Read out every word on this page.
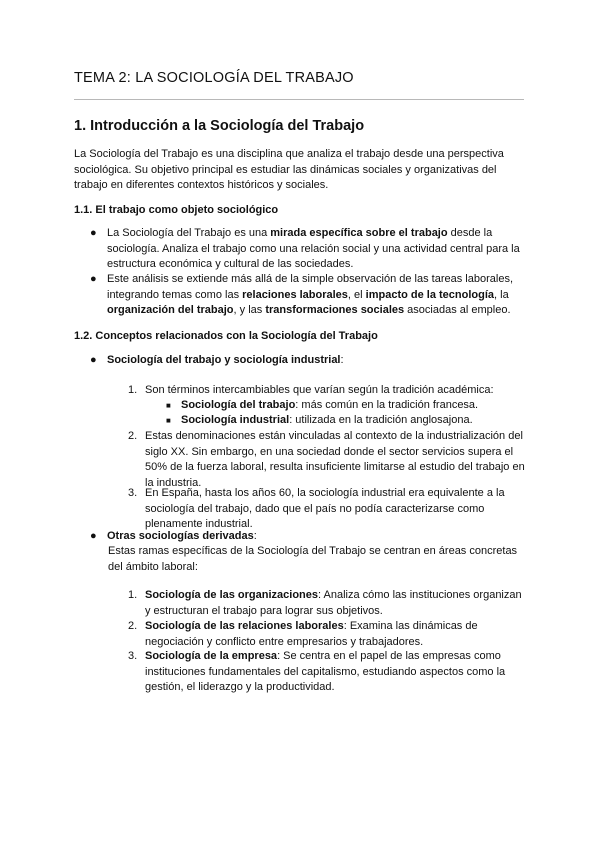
TEMA 2: LA SOCIOLOGÍA DEL TRABAJO
1. Introducción a la Sociología del Trabajo
La Sociología del Trabajo es una disciplina que analiza el trabajo desde una perspectiva sociológica. Su objetivo principal es estudiar las dinámicas sociales y organizativas del trabajo en diferentes contextos históricos y sociales.
1.1. El trabajo como objeto sociológico
● La Sociología del Trabajo es una mirada específica sobre el trabajo desde la sociología. Analiza el trabajo como una relación social y una actividad central para la estructura económica y cultural de las sociedades.
● Este análisis se extiende más allá de la simple observación de las tareas laborales, integrando temas como las relaciones laborales, el impacto de la tecnología, la organización del trabajo, y las transformaciones sociales asociadas al empleo.
1.2. Conceptos relacionados con la Sociología del Trabajo
● Sociología del trabajo y sociología industrial:
1. Son términos intercambiables que varían según la tradición académica:
■ Sociología del trabajo: más común en la tradición francesa.
■ Sociología industrial: utilizada en la tradición anglosajona.
2. Estas denominaciones están vinculadas al contexto de la industrialización del siglo XX. Sin embargo, en una sociedad donde el sector servicios supera el 50% de la fuerza laboral, resulta insuficiente limitarse al estudio del trabajo en la industria.
3. En España, hasta los años 60, la sociología industrial era equivalente a la sociología del trabajo, dado que el país no podía caracterizarse como plenamente industrial.
● Otras sociologías derivadas:
Estas ramas específicas de la Sociología del Trabajo se centran en áreas concretas del ámbito laboral:
1. Sociología de las organizaciones: Analiza cómo las instituciones organizan y estructuran el trabajo para lograr sus objetivos.
2. Sociología de las relaciones laborales: Examina las dinámicas de negociación y conflicto entre empresarios y trabajadores.
3. Sociología de la empresa: Se centra en el papel de las empresas como instituciones fundamentales del capitalismo, estudiando aspectos como la gestión, el liderazgo y la productividad.
